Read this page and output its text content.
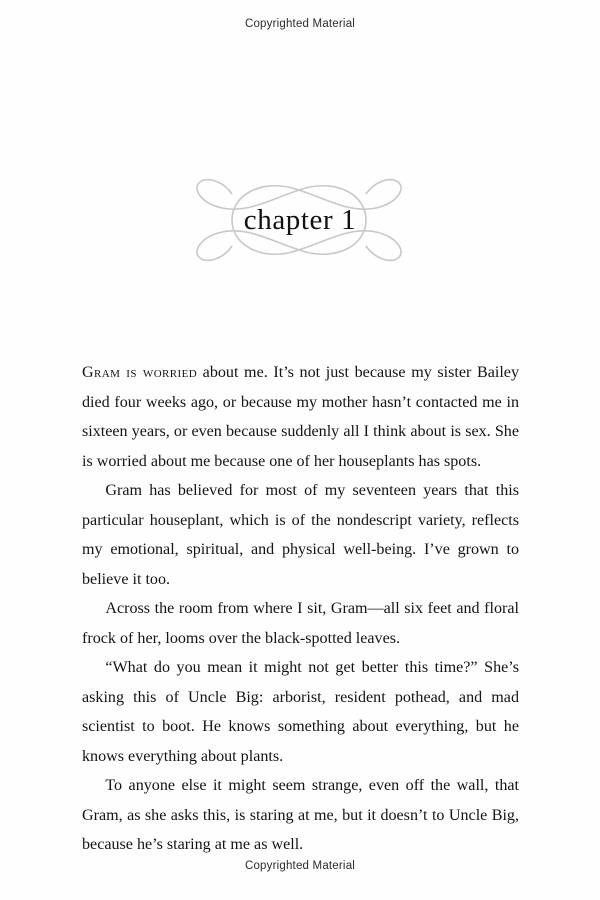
Copyrighted Material
chapter 1

Gram is worried about me. It’s not just because my sister Bailey died four weeks ago, or because my mother hasn’t contacted me in sixteen years, or even because suddenly all I think about is sex. She is worried about me because one of her houseplants has spots.

Gram has believed for most of my seventeen years that this particular houseplant, which is of the nondescript variety, reflects my emotional, spiritual, and physical well-being. I’ve grown to believe it too.

Across the room from where I sit, Gram—all six feet and floral frock of her, looms over the black-spotted leaves.

“What do you mean it might not get better this time?” She’s asking this of Uncle Big: arborist, resident pothead, and mad scientist to boot. He knows something about everything, but he knows everything about plants.

To anyone else it might seem strange, even off the wall, that Gram, as she asks this, is staring at me, but it doesn’t to Uncle Big, because he’s staring at me as well.

Copyrighted Material
